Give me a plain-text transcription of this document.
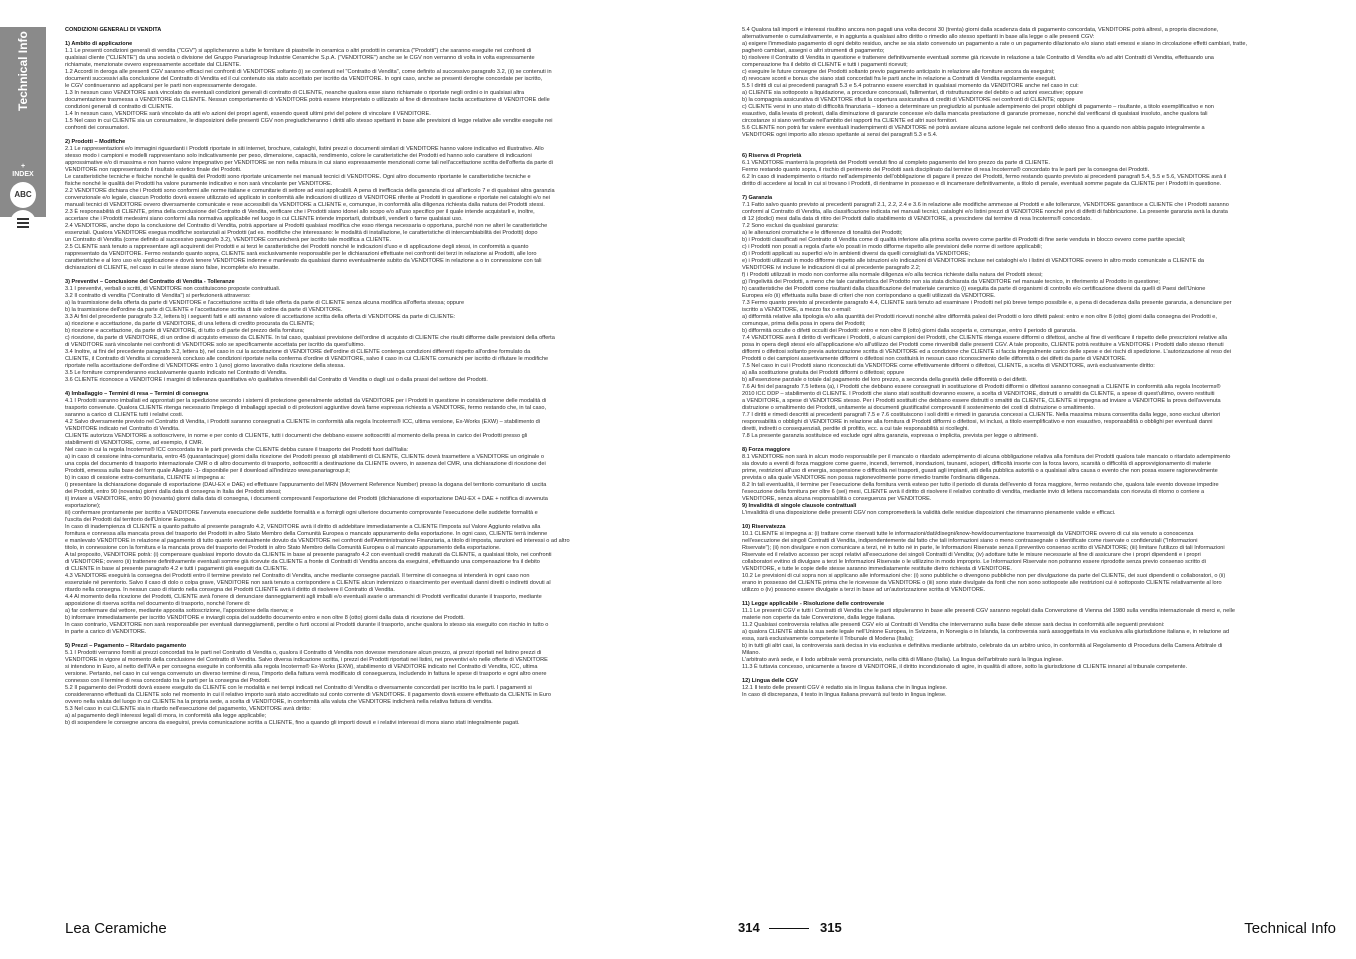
Technical Info
+
INDEX
ABC

CONDIZIONI GENERALI DI VENDITA

1) Ambito di applicazione

1.1 Le presenti condizioni generali di vendita ("CGV") si applicheranno a tutte le forniture di piastrelle in ceramica o altri prodotti in ceramica ("Prodotti") che saranno eseguite nei confronti di

qualsiasi cliente ("CLIENTE") da una società o divisione del Gruppo Panariagroup Industrie Ceramiche S.p.A. ("VENDITORE") anche se le CGV non verranno di volta in volta espressamente

richiamate, menzionate ovvero espressamente accettate dal CLIENTE.

1.2 Accordi in deroga alle presenti CGV saranno efficaci nei confronti di VENDITORE soltanto (i) se contenuti nel "Contratto di Vendita", come definito al successivo paragrafo 3.2, (ii) se contenuti in

documenti successivi alla conclusione del Contratto di Vendita ed il cui contenuto sia stato accettato per iscritto da VENDITORE. In ogni caso, anche se presenti deroghe concordate per iscritto,

le CGV continueranno ad applicarsi per le parti non espressamente derogate.

1.3 In nessun caso VENDITORE sarà vincolato da eventuali condizioni generali di contratto di CLIENTE, neanche qualora esse siano richiamate o riportate negli ordini o in qualsiasi altra

documentazione trasmessa a VENDITORE da CLIENTE. Nessun comportamento di VENDITORE potrà essere interpretato o utilizzato al fine di dimostrare tacita accettazione di VENDITORE delle

condizioni generali di contratto di CLIENTE.

1.4 In nessun caso, VENDITORE sarà vincolato da atti e/o azioni dei propri agenti, essendo questi ultimi privi del potere di vincolare il VENDITORE.

1.5 Nel caso in cui CLIENTE sia un consumatore, le disposizioni delle presenti CGV non pregiudicheranno i diritti allo stesso spettanti in base alle previsioni di legge relative alle vendite eseguite nei

confronti dei consumatori.

2) Prodotti – Modifiche

2.1 Le rappresentazioni e/o immagini riguardanti i Prodotti riportate in siti internet, brochure, cataloghi, listini prezzi o documenti similari di VENDITORE hanno valore indicativo ed illustrativo. Allo

stesso modo i campioni e modelli rappresentano solo indicativamente per peso, dimensione, capacità, rendimento, colore le caratteristiche dei Prodotti ed hanno solo carattere di indicazioni

approssimative e/o di massima e non hanno valore impegnativo per VENDITORE se non nella misura in cui siano espressamente menzionati come tali nell'accettazione scritta dell'offerta da parte di

VENDITORE non rappresentando il risultato estetico finale dei Prodotti.

Le caratteristiche tecniche e fisiche nonché le qualità dei Prodotti sono riportate unicamente nei manuali tecnici di VENDITORE. Ogni altro documento riportante le caratteristiche tecniche e

fisiche nonché le qualità dei Prodotti ha valore puramente indicativo e non sarà vincolante per VENDITORE.

2.2 VENDITORE dichiara che i Prodotti sono conformi alle norme italiane e comunitarie di settore ad essi applicabili. A pena di inefficacia della garanzia di cui all'articolo 7 e di qualsiasi altra garanzia

convenzionale e/o legale, ciascun Prodotto dovrà essere utilizzato ed applicato in conformità alle indicazioni di utilizzo di VENDITORE riferite ai Prodotti in questione e riportate nei cataloghi e/o nei

manuali tecnici di VENDITORE ovvero diversamente comunicate e rese accessibili da VENDITORE a CLIENTE e, comunque, in conformità alla diligenza richiesta dalla natura dei Prodotti stessi.

2.3 È responsabilità di CLIENTE, prima della conclusione del Contratto di Vendita, verificare che i Prodotti siano idonei allo scopo e/o all'uso specifico per il quale intende acquistarli e, inoltre,

accertare che i Prodotti medesimi siano conformi alla normativa applicabile nel luogo in cui CLIENTE intende importarli, distribuirli, venderli o farne qualsiasi uso.

2.4 VENDITORE, anche dopo la conclusione del Contratto di Vendita, potrà apportare ai Prodotti qualsiasi modifica che esso ritenga necessaria o opportuna, purché non ne alteri le caratteristiche

essenziali. Qualora VENDITORE esegua modifiche sostanziali ai Prodotti (ad es. modifiche che interessano: le modalità di installazione, le caratteristiche di intercambiabilità dei Prodotti) dopo

un Contratto di Vendita (come definito al successivo paragrafo 3.2), VENDITORE comunicherà per iscritto tale modifica a CLIENTE.

2.5 CLIENTE sarà tenuto a rappresentare agli acquirenti dei Prodotti e ai terzi le caratteristiche dei Prodotti nonché le indicazioni d'uso e di applicazione degli stessi, in conformità a quanto

rappresentato da VENDITORE. Fermo restando quanto sopra, CLIENTE sarà esclusivamente responsabile per le dichiarazioni effettuate nei confronti dei terzi in relazione ai Prodotti, alle loro

caratteristiche e al loro uso e/o applicazione e dovrà tenere VENDITORE indenne e manlevato da qualsiasi danno eventualmente subito da VENDITORE in relazione a o in connessione con tali

dichiarazioni di CLIENTE, nel caso in cui le stesse siano false, incomplete e/o inesatte.

3) Preventivi – Conclusione del Contratto di Vendita - Tolleranze

3.1 I preventivi, verbali o scritti, di VENDITORE non costituiscono proposte contrattuali.

3.2 Il contratto di vendita ("Contratto di Vendita") si perfezionerà attraverso:

a) la trasmissione della offerta da parte di VENDITORE e l'accettazione scritta di tale offerta da parte di CLIENTE senza alcuna modifica all'offerta stessa; oppure

b) la trasmissione dell'ordine da parte di CLIENTE e l'accettazione scritta di tale ordine da parte di VENDITORE.

3.3 Ai fini del precedente paragrafo 3.2, lettera b) i seguenti fatti e atti avranno valore di accettazione scritta della offerta di VENDITORE da parte di CLIENTE:

a) ricezione e accettazione, da parte di VENDITORE, di una lettera di credito procurata da CLIENTE;

b) ricezione e accettazione, da parte di VENDITORE, di tutto o di parte del prezzo della fornitura;

c) ricezione, da parte di VENDITORE, di un ordine di acquisto emesso da CLIENTE. In tal caso, qualsiasi previsione dell'ordine di acquisto di CLIENTE che risulti difforme dalle previsioni della offerta

di VENDITORE sarà vincolante nei confronti di VENDITORE solo se specificamente accettata per iscritto da quest'ultimo.

3.4 Inoltre, ai fini del precedente paragrafo 3.2, lettera b), nel caso in cui la accettazione di VENDITORE dell'ordine di CLIENTE contenga condizioni differenti rispetto all'ordine formulato da

CLIENTE, il Contratto di Vendita si considererà concluso alle condizioni riportate nella conferma d'ordine di VENDITORE, salvo il caso in cui CLIENTE comunichi per iscritto di rifiutare le modifiche

riportate nella accettazione dell'ordine di VENDITORE entro 1 (uno) giorno lavorativo dalla ricezione della stessa.

3.5 Le forniture comprenderanno esclusivamente quanto indicato nel Contratto di Vendita.

3.6 CLIENTE riconosce a VENDITORE i margini di tolleranza quantitativa e/o qualitativa rinvenibili dal Contratto di Vendita o dagli usi o dalla prassi del settore dei Prodotti.

4) Imballaggio – Termini di resa – Termini di consegna

4.1 I Prodotti saranno imballati ed approntati per la spedizione secondo i sistemi di protezione generalmente adottati da VENDITORE per i Prodotti in questione in considerazione delle modalità di

trasporto convenute. Qualora CLIENTE ritenga necessario l'impiego di imballaggi speciali o di protezioni aggiuntive dovrà farne espressa richiesta a VENDITORE, fermo restando che, in tal caso,

saranno a carico di CLIENTE tutti i relativi costi.

4.2 Salvo diversamente previsto nel Contratto di Vendita, i Prodotti saranno consegnati a CLIENTE in conformità alla regola Incoterms® ICC, ultima versione, Ex-Works (EXW) – stabilimento di

VENDITORE indicato nel Contratto di Vendita.

CLIENTE autorizza VENDITORE a sottoscrivere, in nome e per conto di CLIENTE, tutti i documenti che debbano essere sottoscritti al momento della presa in carico dei Prodotti presso gli

stabilimenti di VENDITORE, come, ad esempio, il CMR.

Nel caso in cui la regola Incoterms® ICC concordata tra le parti preveda che CLIENTE debba curare il trasporto dei Prodotti fuori dall'Italia:

a) in caso di cessione intra-comunitaria, entro 45 (quarantacinque) giorni dalla ricezione dei Prodotti presso gli stabilimenti di CLIENTE, CLIENTE dovrà trasmettere a VENDITORE un originale o

una copia del documento di trasporto internazionale CMR o di altro documento di trasporto, sottoscritti a destinazione da CLIENTE ovvero, in assenza del CMR, una dichiarazione di ricezione dei

Prodotti, emessa sulla base del form quale Allegato -1- disponibile per il download all'indirizzo www.panariagroup.it;

b) in caso di cessione extra-comunitaria, CLIENTE si impegna a:

i) presentare la dichiarazione doganale di esportazione (DAU-EX e DAE) ed effettuare l'appuramento del MRN (Movement Reference Number) presso la dogana del territorio comunitario di uscita

dei Prodotti, entro 90 (novanta) giorni dalla data di consegna in Italia dei Prodotti stessi;

ii) inviare a VENDITORE, entro 90 (novanta) giorni dalla data di consegna, i documenti comprovanti l'esportazione dei Prodotti (dichiarazione di esportazione DAU-EX + DAE + notifica di avvenuta

esportazione);

iii) confermare prontamente per iscritto a VENDITORE l'avvenuta esecuzione delle suddette formalità e a fornirgli ogni ulteriore documento comprovante l'esecuzione delle suddette formalità e

l'uscita dei Prodotti dal territorio dell'Unione Europea.

In caso di inadempienza di CLIENTE a quanto pattuito al presente paragrafo 4.2, VENDITORE avrà il diritto di addebitare immediatamente a CLIENTE l'imposta sul Valore Aggiunto relativa alla

fornitura e connessa alla mancata prova del trasporto dei Prodotti in altro Stato Membro della Comunità Europea o mancato appuramento della esportazione. In ogni caso, CLIENTE terrà indenne

e manlevato VENDITORE in relazione al pagamento di tutto quanto eventualmente dovuto da VENDITORE nei confronti dell'Amministrazione Finanziaria, a titolo di imposta, sanzioni ed interessi o ad altro

titolo, in connessione con la fornitura e la mancata prova del trasporto dei Prodotti in altro Stato Membro della Comunità Europea o al mancato appuramento della esportazione.

A tal proposito, VENDITORE potrà: (i) compensare qualsiasi importo dovuto da CLIENTE in base al presente paragrafo 4.2 con eventuali crediti maturati da CLIENTE, a qualsiasi titolo, nei confronti

di VENDITORE; ovvero (ii) trattenere definitivamente eventuali somme già ricevute da CLIENTE a fronte di Contratti di Vendita ancora da eseguirsi, effettuando una compensazione fra il debito

di CLIENTE in base al presente paragrafo 4.2 e tutti i pagamenti già eseguiti da CLIENTE.

4.3 VENDITORE eseguirà la consegna dei Prodotti entro il termine previsto nel Contratto di Vendita, anche mediante consegne parziali. Il termine di consegna si intenderà in ogni caso non

essenziale né perentorio. Salvo il caso di dolo o colpa grave, VENDITORE non sarà tenuto a corrispondere a CLIENTE alcun indennizzo o risarcimento per eventuali danni diretti o indiretti dovuti al

ritardo nella consegna. In nessun caso di ritardo nella consegna dei Prodotti CLIENTE avrà il diritto di risolvere il Contratto di Vendita.

4.4 Al momento della ricezione dei Prodotti, CLIENTE avrà l'onere di denunciare danneggiamenti agli imballi e/o eventuali avarie o ammanchi di Prodotti verificatisi durante il trasporto, mediante

apposizione di riserva scritta nel documento di trasporto, nonché l'onere di:

a) far confermare dal vettore, mediante apposita sottoscrizione, l'apposizione della riserva; e

b) informare immediatamente per iscritto VENDITORE e inviargli copia del suddetto documento entro e non oltre 8 (otto) giorni dalla data di ricezione dei Prodotti.

In caso contrario, VENDITORE non sarà responsabile per eventuali danneggiamenti, perdite o furti occorsi ai Prodotti durante il trasporto, anche qualora lo stesso sia eseguito con rischio in tutto o

in parte a carico di VENDITORE.

5) Prezzi – Pagamento – Ritardato pagamento

5.1 I Prodotti verranno forniti ai prezzi concordati tra le parti nel Contratto di Vendita o, qualora il Contratto di Vendita non dovesse menzionare alcun prezzo, ai prezzi riportati nel listino prezzi di

VENDITORE in vigore al momento della conclusione del Contratto di Vendita. Salvo diversa indicazione scritta, i prezzi dei Prodotti riportati nei listini, nei preventivi e/o nelle offerte di VENDITORE

si intendono in Euro, al netto dell'IVA e per consegna eseguite in conformità alla regola Incoterms® Ex-Works (EXW), stabilimento di VENDITORE indicato nel Contratto di Vendita, ICC, ultima

versione. Pertanto, nel caso in cui venga convenuto un diverso termine di resa, l'importo della fattura verrà modificato di conseguenza, includendo in fattura le spese di trasporto e ogni altro onere

connesso con il termine di resa concordato tra le parti per la consegna dei Prodotti.

5.2 Il pagamento dei Prodotti dovrà essere eseguito da CLIENTE con le modalità e nei tempi indicati nel Contratto di Vendita o diversamente concordati per iscritto tra le parti. I pagamenti si

considereranno effettuati da CLIENTE solo nel momento in cui il relativo importo sarà stato accreditato sul conto corrente di VENDITORE. Il pagamento dovrà essere effettuato da CLIENTE in Euro

ovvero nella valuta del luogo in cui CLIENTE ha la propria sede, a scelta di VENDITORE, in conformità alla valuta che VENDITORE indicherà nella relativa fattura di vendita.

5.3 Nel caso in cui CLIENTE sia in ritardo nell'esecuzione del pagamento, VENDITORE avrà diritto:

a) al pagamento degli interessi legali di mora, in conformità alla legge applicabile;

b) di sospendere le consegne ancora da eseguirsi, previa comunicazione scritta a CLIENTE, fino a quando gli importi dovuti e i relativi interessi di mora siano stati integralmente pagati.

5.4 Qualora tali importi e interessi risultino ancora non pagati una volta decorsi 30 (trenta) giorni dalla scadenza data di pagamento concordata, VENDITORE potrà altresì, a propria discrezione,

alternativamente o cumulativamente, e in aggiunta a qualsiasi altro diritto o rimedio allo stesso spettanti in base alla legge o alle presenti CGV:

a) esigere l'immediato pagamento di ogni debito residuo, anche se sia stato convenuto un pagamento a rate o un pagamento dilazionato e/o siano stati emessi e siano in circolazione effetti cambiari, tratte,

pagherò cambiari, assegni o altri strumenti di pagamento;

b) risolvere il Contratto di Vendita in questione e trattenere definitivamente eventuali somme già ricevute in relazione a tale Contratto di Vendita e/o ad altri Contratti di Vendita, effettuando una

compensazione fra il debito di CLIENTE e tutti i pagamenti ricevuti;

c) eseguire le future consegne dei Prodotti soltanto previo pagamento anticipato in relazione alle forniture ancora da eseguirsi;

d) revocare sconti e bonus che siano stati concordati fra le parti anche in relazione a Contratti di Vendita regolarmente eseguiti.

5.5 I diritti di cui ai precedenti paragrafi 5.3 e 5.4 potranno essere esercitati in qualsiasi momento da VENDITORE anche nel caso in cui:

a) CLIENTE sia sottoposto a liquidazione, a procedure concorsuali, fallimentari, di ristrutturazione del debito o ad azioni esecutive; oppure

b) la compagnia assicurativa di VENDITORE rifiuti la copertura assicurativa di crediti di VENDITORE nei confronti di CLIENTE; oppure

c) CLIENTE versi in uno stato di difficoltà finanziaria – idoneo a determinare un pregiudizio al puntuale adempimento dei propri obblighi di pagamento – risultante, a titolo esemplificativo e non

esaustivo, dalla levata di protesti, dalla diminuzione di garanzie concesse e/o dalla mancata prestazione di garanzie promesse, nonché dal verificarsi di qualsiasi insoluto, anche qualora tali

circostanze si siano verificate nell'ambito dei rapporti fra CLIENTE ed altri suoi fornitori.

5.6 CLIENTE non potrà far valere eventuali inadempimenti di VENDITORE né potrà avviare alcuna azione legale nei confronti dello stesso fino a quando non abbia pagato integralmente a

VENDITORE ogni importo allo stesso spettante ai sensi dei paragrafi 5.3 e 5.4.

6) Riserva di Proprietà

6.1 VENDITORE manterrà la proprietà dei Prodotti venduti fino al completo pagamento del loro prezzo da parte di CLIENTE.

Fermo restando quanto sopra, il rischio di perimento dei Prodotti sarà disciplinato dal termine di resa Incoterms® concordato tra le parti per la consegna dei Prodotti.

6.2 In caso di inadempimento o ritardo nell'adempimento dell'obbligazione di pagare il prezzo dei Prodotti, fermo restando quanto previsto ai precedenti paragrafi 5.4, 5.5 e 5.6, VENDITORE avrà il

diritto di accedere ai locali in cui si trovano i Prodotti, di rientrarne in possesso e di incamerare definitivamente, a titolo di penale, eventuali somme pagate da CLIENTE per i Prodotti in questione.

7) Garanzia

7.1 Fatto salvo quanto previsto ai precedenti paragrafi 2.1, 2.2, 2.4 e 3.6 in relazione alle modifiche ammesse ai Prodotti e alle tolleranze, VENDITORE garantisce a CLIENTE che i Prodotti saranno

conformi al Contratto di Vendita, alla classificazione indicata nei manuali tecnici, cataloghi e/o listini prezzi di VENDITORE nonché privi di difetti di fabbricazione. La presente garanzia avrà la durata

di 12 (dodici) mesi dalla data di ritiro dei Prodotti dallo stabilimento di VENDITORE, a prescindere dal termine di resa Incoterms® concordato.

7.2 Sono esclusi da qualsiasi garanzia:

a) le alterazioni cromatiche e le differenze di tonalità dei Prodotti;

b) i Prodotti classificati nel Contratto di Vendita come di qualità inferiore alla prima scelta ovvero come partite di Prodotti di fine serie venduta in blocco ovvero come partite speciali;

c) i Prodotti non posati a regola d'arte e/o posati in modo difforme rispetto alle previsioni delle norme di settore applicabili;

d) i Prodotti applicati su superfici e/o in ambienti diversi da quelli consigliati da VENDITORE;

e) i Prodotti utilizzati in modo difforme rispetto alle istruzioni e/o indicazioni di VENDITORE incluse nei cataloghi e/o i listini di VENDITORE ovvero in altro modo comunicate a CLIENTE da

VENDITORE ivi incluse le indicazioni di cui al precedente paragrafo 2.2;

f) i Prodotti utilizzati in modo non conforme alla normale diligenza e/o alla tecnica richieste dalla natura dei Prodotti stessi;

g) l'ingelività dei Prodotti, a meno che tale caratteristica del Prodotto non sia stata dichiarata da VENDITORE nel manuale tecnico, in riferimento al Prodotto in questione;

h) caratteristiche dei Prodotti come risultanti dalla classificazione del materiale ceramico (i) eseguita da parte di organismi di controllo e/o certificazione diversi da quelli di Paesi dell'Unione

Europea e/o (ii) effettuata sulla base di criteri che non corrispondano a quelli utilizzati da VENDITORE.

7.3 Fermo quanto previsto al precedente paragrafo 4.4, CLIENTE sarà tenuto ad esaminare i Prodotti nel più breve tempo possibile e, a pena di decadenza dalla presente garanzia, a denunciare per

iscritto a VENDITORE, a mezzo fax o email:

a) difformità relative alla tipologia e/o alla quantità dei Prodotti ricevuti nonché altre difformità palesi dei Prodotti o loro difetti palesi: entro e non oltre 8 (otto) giorni dalla consegna dei Prodotti e,

comunque, prima della posa in opera dei Prodotti;

b) difformità occulte o difetti occulti dei Prodotti: entro e non oltre 8 (otto) giorni dalla scoperta e, comunque, entro il periodo di garanzia.

7.4 VENDITORE avrà il diritto di verificare i Prodotti, o alcuni campioni dei Prodotti, che CLIENTE ritenga essere difformi o difettosi, anche al fine di verificare il rispetto delle prescrizioni relative alla

posa in opera degli stessi e/o all'applicazione e/o all'utilizzo dei Prodotti come rinvenibili dalle presenti CGV. A tale proposito, CLIENTE potrà restituire a VENDITORE i Prodotti dallo stesso ritenuti

difformi o difettosi soltanto previa autorizzazione scritta di VENDITORE ed a condizione che CLIENTE si faccia integralmente carico delle spese e dei rischi di spedizione. L'autorizzazione al reso dei

Prodotti o dei campioni assertivamente difformi o difettosi non costituirà in nessun caso riconoscimento delle difformità o dei difetti da parte di VENDITORE.

7.5 Nel caso in cui i Prodotti siano riconosciuti da VENDITORE come effettivamente difformi o difettosi, CLIENTE, a scelta di VENDITORE, avrà esclusivamente diritto:

a) alla sostituzione gratuita dei Prodotti difformi o difettosi; oppure

b) all'esenzione parziale o totale dal pagamento del loro prezzo, a seconda della gravità delle difformità o dei difetti.

7.6 Ai fini del paragrafo 7.5 lettera (a), i Prodotti che debbano essere consegnati in sostituzione di Prodotti difformi o difettosi saranno consegnati a CLIENTE in conformità alla regola Incoterms®

2010 ICC DDP – stabilimento di CLIENTE. I Prodotti che siano stati sostituiti dovranno essere, a scelta di VENDITORE, distrutti o smaltiti da CLIENTE, a spese di quest'ultimo, ovvero restituiti

a VENDITORE, a spese di VENDITORE stesso. Per i Prodotti sostituiti che debbano essere distrutti o smaltiti da CLIENTE, CLIENTE si impegna ad inviare a VENDITORE la prova dell'avvenuta

distruzione o smaltimento dei Prodotti, unitamente ai documenti giustificativi comprovanti il sostenimento dei costi di distruzione o smaltimento.

7.7 I diritti e rimedi descritti ai precedenti paragrafi 7.5 e 7.6 costituiscono i soli diritti e rimedi in garanzia concessi a CLIENTE. Nella massima misura consentita dalla legge, sono esclusi ulteriori

responsabilità o obblighi di VENDITORE in relazione alla fornitura di Prodotti difformi o difettosi, ivi inclusi, a titolo esemplificativo e non esaustivo, responsabilità o obblighi per eventuali danni

diretti, indiretti o consequenziali, perdite di profitto, ecc. a cui tale responsabilità si ricolleghi.

7.8 La presente garanzia sostituisce ed esclude ogni altra garanzia, espressa o implicita, prevista per legge o altrimenti.

8) Forza maggiore

8.1 VENDITORE non sarà in alcun modo responsabile per il mancato o ritardato adempimento di alcuna obbligazione relativa alla fornitura dei Prodotti qualora tale mancato o ritardato adempimento

sia dovuto a eventi di forza maggiore come guerre, incendi, terremoti, inondazioni, tsunami, scioperi, difficoltà insorte con la forza lavoro, scarsità o difficoltà di approvvigionamento di materie

prime, restrizioni all'uso di energia, sospensione o difficoltà nei trasporti, guasti agli impianti, atti della pubblica autorità o a qualsiasi altra causa o evento che non possa essere ragionevolmente

prevista o alla quale VENDITORE non possa ragionevolmente porre rimedio tramite l'ordinaria diligenza.

8.2 In tali eventualità, il termine per l'esecuzione della fornitura verrà esteso per tutto il periodo di durata dell'evento di forza maggiore, fermo restando che, qualora tale evento dovesse impedire

l'esecuzione della fornitura per oltre 6 (sei) mesi, CLIENTE avrà il diritto di risolvere il relativo contratto di vendita, mediante invio di lettera raccomandata con ricevuta di ritorno o corriere a

VENDITORE, senza alcuna responsabilità o conseguenza per VENDITORE.

9) Invalidità di singole clausole contrattuali

L'invalidità di una disposizione delle presenti CGV non comprometterà la validità delle residue disposizioni che rimarranno pienamente valide e efficaci.

10) Riservatezza

10.1 CLIENTE si impegna a: (i) trattare come riservati tutte le informazioni/dati/disegni/know-how/documentazione trasmessigli da VENDITORE ovvero di cui sia venuto a conoscenza

nell'esecuzione dei singoli Contratti di Vendita, indipendentemente dal fatto che tali informazioni siano o meno contrassegnate o identificate come riservate o confidenziali ("Informazioni

Riservate"); (ii) non divulgare e non comunicare a terzi, né in tutto né in parte, le Informazioni Riservate senza il preventivo consenso scritto di VENDITORE; (iii) limitare l'utilizzo di tali Informazioni

Riservate ed il relativo accesso per scopi relativi all'esecuzione dei singoli Contratti di Vendita; (iv) adottare tutte le misure necessarie al fine di assicurare che i propri dipendenti e i propri

collaboratori evitino di divulgare a terzi le Informazioni Riservate o le utilizzino in modo improprio. Le Informazioni Riservate non potranno essere riprodotte senza previo consenso scritto di

VENDITORE, e tutte le copie delle stesse saranno immediatamente restituite dietro richiesta di VENDITORE.

10.2 Le previsioni di cui sopra non si applicano alle informazioni che: (i) sono pubbliche o divengono pubbliche non per divulgazione da parte del CLIENTE, dei suoi dipendenti o collaboratori, o (ii)

erano in possesso del CLIENTE prima che le ricevesse da VENDITORE o (iii) sono state divulgate da fonti che non sono sottoposte alle restrizioni cui è sottoposto CLIENTE relativamente al loro

utilizzo o (iv) possono essere divulgate a terzi in base ad un'autorizzazione scritta di VENDITORE.

11) Legge applicabile - Risoluzione delle controversie

11.1 Le presenti CGV e tutti i Contratti di Vendita che le parti stipuleranno in base alle presenti CGV saranno regolati dalla Convenzione di Vienna del 1980 sulla vendita internazionale di merci e, nelle

materie non coperte da tale Convenzione, dalla legge italiana.

11.2 Qualsiasi controversia relativa alle presenti CGV e/o ai Contratti di Vendita che interverranno sulla base delle stesse sarà decisa in conformità alle seguenti previsioni:

a) qualora CLIENTE abbia la sua sede legale nell'Unione Europea, in Svizzera, in Norvegia o in Islanda, la controversia sarà assoggettata in via esclusiva alla giurisdizione italiana e, in relazione ad

essa, sarà esclusivamente competente il Tribunale di Modena (Italia);

b) in tutti gli altri casi, la controversia sarà decisa in via esclusiva e definitiva mediante arbitrato, celebrato da un arbitro unico, in conformità al Regolamento di Procedura della Camera Arbitrale di

Milano.

L'arbitrato avrà sede, e il lodo arbitrale verrà pronunciato, nella città di Milano (Italia). La lingua dell'arbitrato sarà la lingua inglese.

11.3 È tuttavia concesso, unicamente a favore di VENDITORE, il diritto incondizionato di agire, in qualità di attore, sotto la giurisdizione di CLIENTE innanzi al tribunale competente.

12) Lingua delle CGV

12.1 Il testo delle presenti CGV è redatto sia in lingua italiana che in lingua inglese.

In caso di discrepanza, il testo in lingua italiana prevarrà sul testo in lingua inglese.

Lea Ceramiche	314	315	Technical Info
